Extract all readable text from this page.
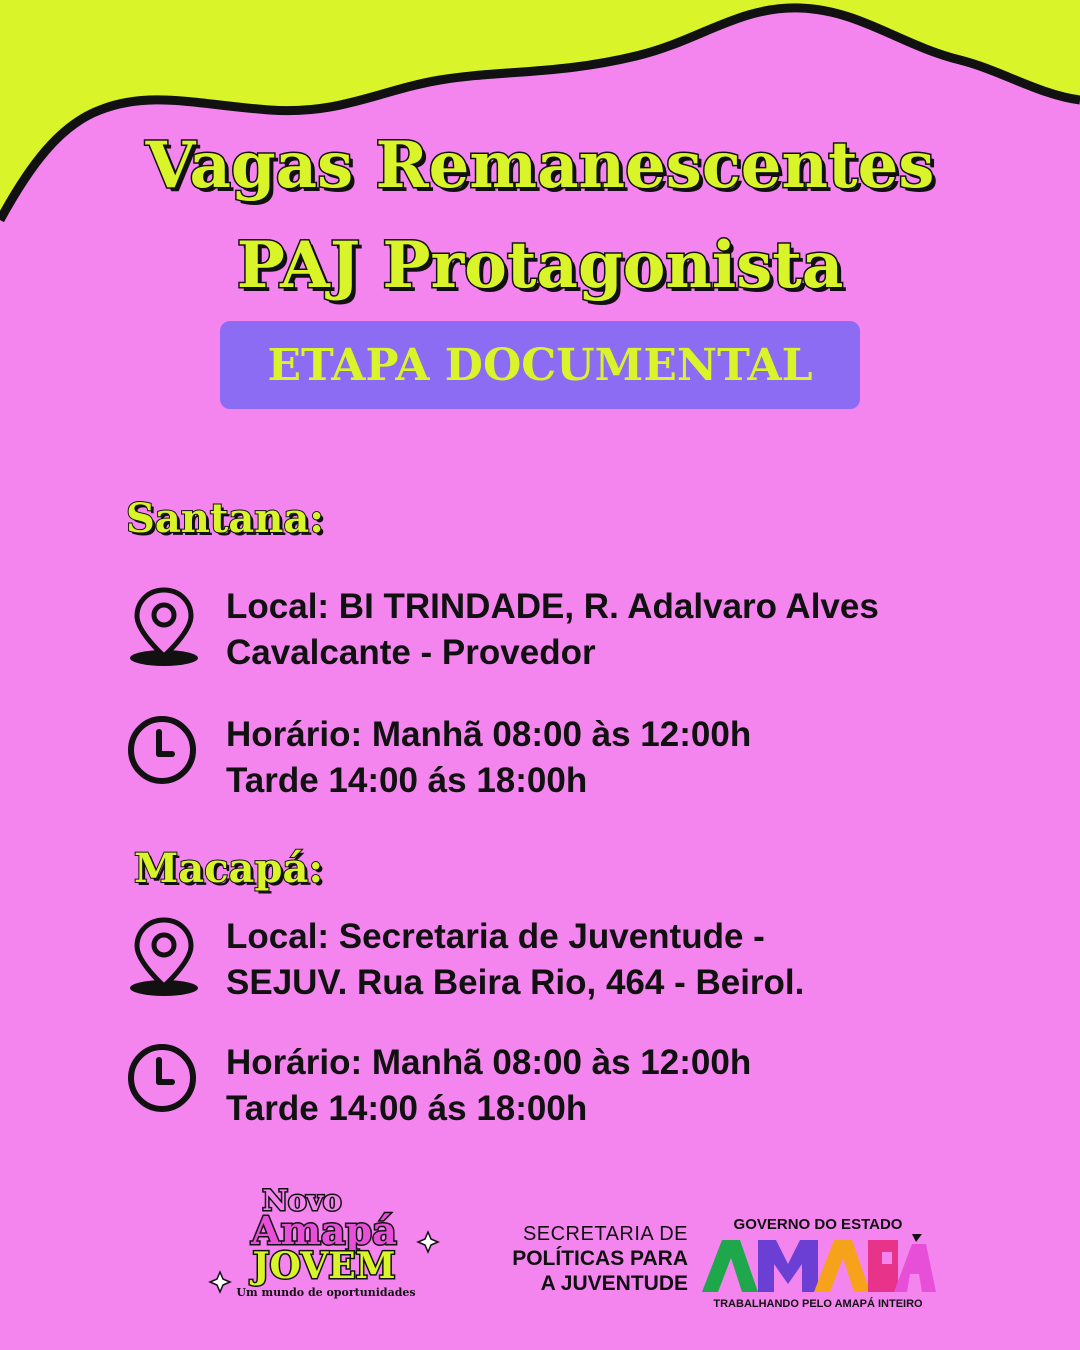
Vagas Remanescentes
PAJ Protagonista
ETAPA DOCUMENTAL
Santana:
Local: BI TRINDADE, R. Adalvaro Alves
Cavalcante - Provedor
Horário: Manhã 08:00 às 12:00h
Tarde 14:00 ás 18:00h
Macapá:
Local: Secretaria de Juventude -
SEJUV. Rua Beira Rio, 464 - Beirol.
Horário: Manhã 08:00 às 12:00h
Tarde 14:00 ás 18:00h
Novo
Amapá
JOVEM
Um mundo de oportunidades
SECRETARIA DE
POLÍTICAS PARA
A JUVENTUDE
GOVERNO DO ESTADO
TRABALHANDO PELO AMAPÁ INTEIRO
